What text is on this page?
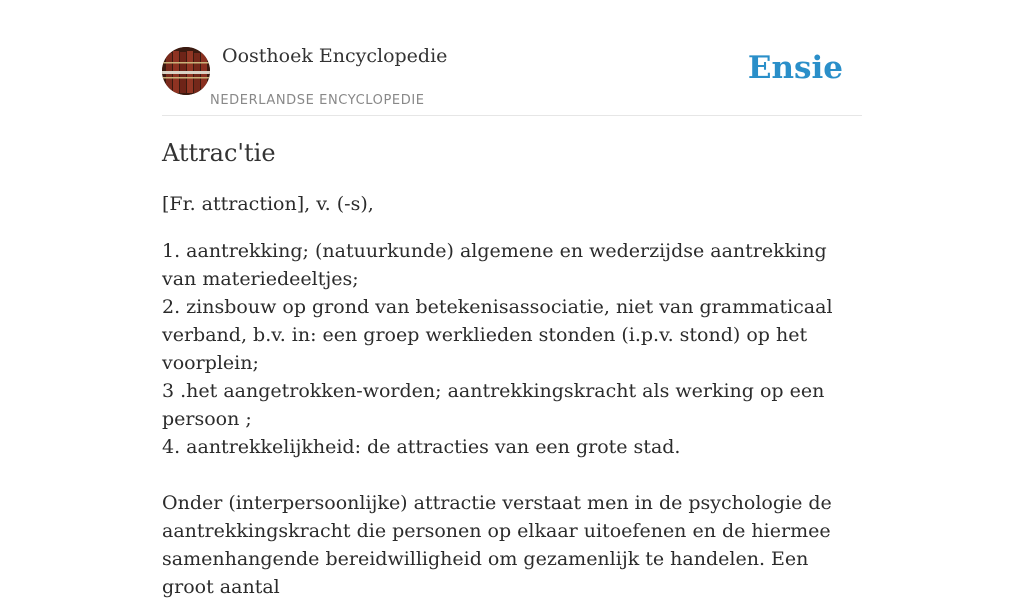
Oosthoek Encyclopedie
NEDERLANDSE ENCYCLOPEDIE
Ensie
Attrac'tie

[Fr. attraction], v. (-s),

1. aantrekking; (natuurkunde) algemene en wederzijdse aantrekking van materiedeeltjes;
2. zinsbouw op grond van betekenisassociatie, niet van grammaticaal verband, b.v. in: een groep werklieden stonden (i.p.v. stond) op het voorplein;
3 .het aangetrokken-worden; aantrekkingskracht als werking op een persoon ;
4. aantrekkelijkheid: de attracties van een grote stad.

Onder (interpersoonlijke) attractie verstaat men in de psychologie de aantrekkingskracht die personen op elkaar uitoefenen en de hiermee samenhangende bereidwilligheid om gezamenlijk te handelen. Een groot aantal
